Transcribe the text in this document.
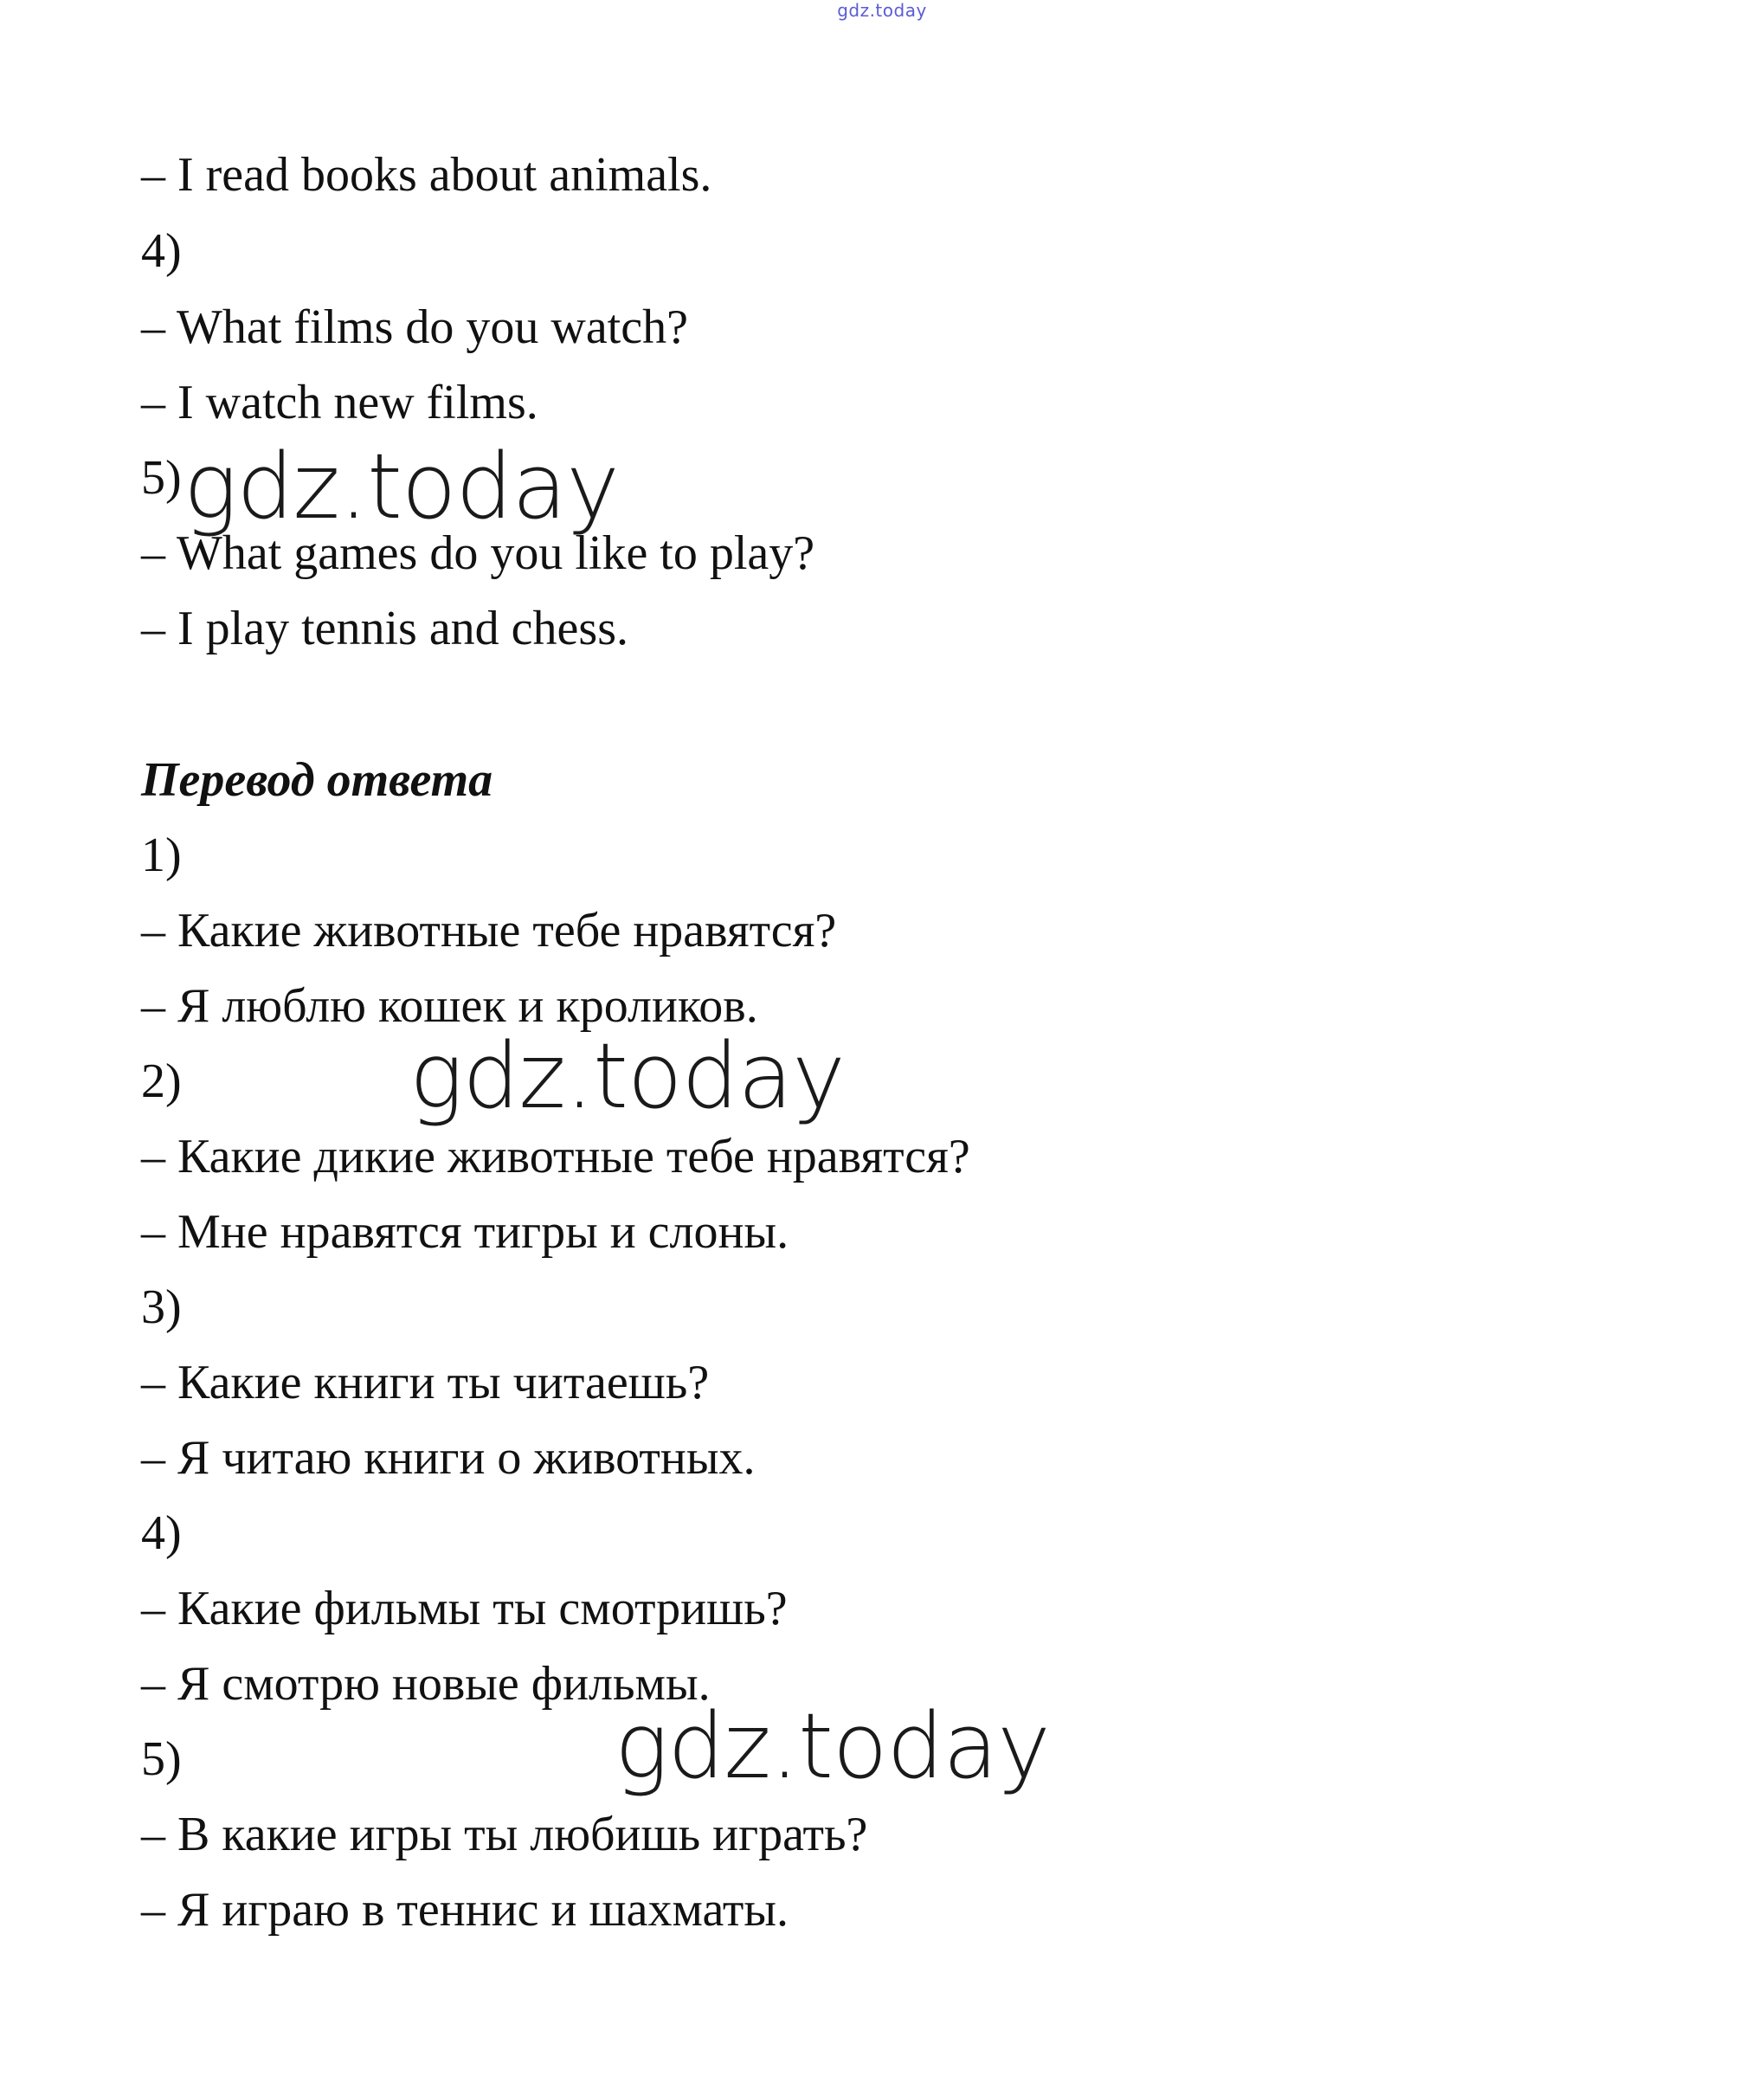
gdz.today
– I read books about animals.
4)
– What films do you watch?
– I watch new films.
5)
– What games do you like to play?
– I play tennis and chess.
Перевод ответа
1)
– Какие животные тебе нравятся?
– Я люблю кошек и кроликов.
2)
– Какие дикие животные тебе нравятся?
– Мне нравятся тигры и слоны.
3)
– Какие книги ты читаешь?
– Я читаю книги о животных.
4)
– Какие фильмы ты смотришь?
– Я смотрю новые фильмы.
5)
– В какие игры ты любишь играть?
– Я играю в теннис и шахматы.
gdz.today
gdz.today
gdz.today
